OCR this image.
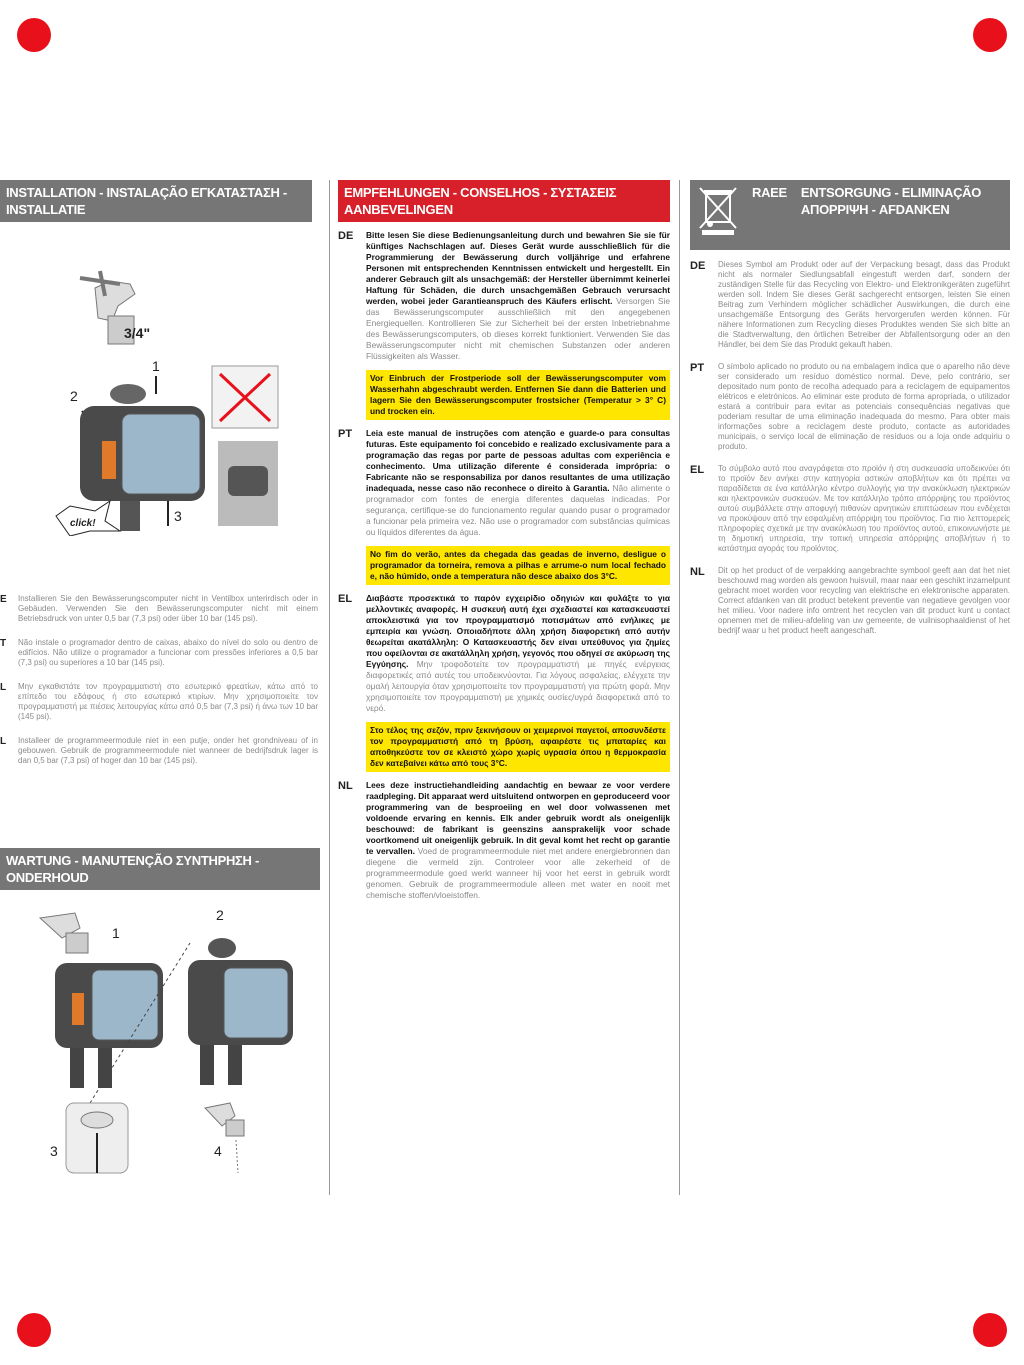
INSTALLATION - INSTALAÇÃO ΕΓΚΑΤΑΣΤΑΣΗ - INSTALLATIE
3/4"
1
2
click!	3
E	Installieren Sie den Bewässerungscomputer nicht in Ventilbox unterirdisch oder in Gebäuden. Verwenden Sie den Bewässerungscomputer nicht mit einem Betriebsdruck von unter 0,5 bar (7,3 psi) oder über 10 bar (145 psi).
T	Não instale o programador dentro de caixas, abaixo do nível do solo ou dentro de edifícios. Não utilize o programador a funcionar com pressões inferiores a 0,5 bar (7,3 psi) ou superiores a 10 bar (145 psi).
L	Μην εγκαθιστάτε τον προγραμματιστή στο εσωτερικό φρεατίων, κάτω από το επίπεδο του εδάφους ή στο εσωτερικό κτιρίων. Μην χρησιμοποιείτε τον προγραμματιστή με πιέσεις λειτουργίας κάτω από 0,5 bar (7,3 psi) ή άνω των 10 bar (145 psi).
L	Installeer de programmeermodule niet in een putje, onder het grondniveau of in gebouwen. Gebruik de programmeermodule niet wanneer de bedrijfsdruk lager is dan 0,5 bar (7,3 psi) of hoger dan 10 bar (145 psi).
WARTUNG - MANUTENÇÃO ΣΥΝΤΗΡΗΣΗ - ONDERHOUD
1
2
3	4
EMPFEHLUNGEN - CONSELHOS - ΣΥΣΤΑΣΕΙΣ AANBEVELINGEN
DE	Bitte lesen Sie diese Bedienungsanleitung durch und bewahren Sie sie für künftiges Nachschlagen auf. Dieses Gerät wurde ausschließlich für die Programmierung der Bewässerung durch volljährige und erfahrene Personen mit entsprechenden Kenntnissen entwickelt und hergestellt. Ein anderer Gebrauch gilt als unsachgemäß: der Hersteller übernimmt keinerlei Haftung für Schäden, die durch unsachgemäßen Gebrauch verursacht werden, wobei jeder Garantieanspruch des Käufers erlischt. Versorgen Sie das Bewässerungscomputer ausschließlich mit den angegebenen Energiequellen. Kontrollieren Sie zur Sicherheit bei der ersten Inbetriebnahme des Bewässerungscomputers, ob dieses korrekt funktioniert. Verwenden Sie das Bewässerungscomputer nicht mit chemischen Substanzen oder anderen Flüssigkeiten als Wasser.
Vor Einbruch der Frostperiode soll der Bewässerungscomputer vom Wasserhahn abgeschraubt werden. Entfernen Sie dann die Batterien und lagern Sie den Bewässerungscomputer frostsicher (Temperatur > 3° C) und trocken ein.
PT	Leia este manual de instruções com atenção e guarde-o para consultas futuras. Este equipamento foi concebido e realizado exclusivamente para a programação das regas por parte de pessoas adultas com experiência e conhecimento. Uma utilização diferente é considerada imprópria: o Fabricante não se responsabiliza por danos resultantes de uma utilização inadequada, nesse caso não reconhece o direito à Garantia. Não alimente o programador com fontes de energia diferentes daquelas indicadas. Por segurança, certifique-se do funcionamento regular quando pusar o programador a funcionar pela primeira vez. Não use o programador com substâncias químicas ou líquidos diferentes da água.
No fim do verão, antes da chegada das geadas de inverno, desligue o programador da torneira, remova a pilhas e arrume-o num local fechado e, não húmido, onde a temperatura não desce abaixo dos 3°C.
EL	Διαβάστε προσεκτικά το παρόν εγχειρίδιο οδηγιών και φυλάξτε το για μελλοντικές αναφορές. Η συσκευή αυτή έχει σχεδιαστεί και κατασκευαστεί αποκλειστικά για τον προγραμματισμό ποτισμάτων από ενήλικες με εμπειρία και γνώση. Οποιαδήποτε άλλη χρήση διαφορετική από αυτήν θεωρείται ακατάλληλη: Ο Κατασκευαστής δεν είναι υπεύθυνος για ζημίες που οφείλονται σε ακατάλληλη χρήση, γεγονός που οδηγεί σε ακύρωση της Εγγύησης. Μην τροφοδοτείτε τον προγραμματιστή με πηγές ενέργειας διαφορετικές από αυτές του υποδεικνύονται. Για λόγους ασφαλείας, ελέγχετε την ομαλή λειτουργία όταν χρησιμοποιείτε τον προγραμματιστή για πρώτη φορά. Μην χρησιμοποιείτε τον προγραμματιστή με χημικές ουσίες/υγρά διαφορετικά από το νερό.
Στο τέλος της σεζόν, πριν ξεκινήσουν οι χειμερινοί παγετοί, αποσυνδέστε τον προγραμματιστή από τη βρύση, αφαιρέστε τις μπαταρίες και αποθηκεύστε τον σε κλειστό χώρο χωρίς υγρασία όπου η θερμοκρασία δεν κατεβαίνει κάτω από τους 3°C.
NL	Lees deze instructiehandleiding aandachtig en bewaar ze voor verdere raadpleging. Dit apparaat werd uitsluitend ontworpen en geproduceerd voor programmering van de besproeiing en wel door volwassenen met voldoende ervaring en kennis. Elk ander gebruik wordt als oneigenlijk beschouwd: de fabrikant is geenszins aansprakelijk voor schade voortkomend uit oneigenlijk gebruik. In dit geval komt het recht op garantie te vervallen. Voed de programmeermodule niet met andere energiebronnen dan diegene die vermeld zijn. Controleer voor alle zekerheid of de programmeermodule goed werkt wanneer hij voor het eerst in gebruik wordt genomen. Gebruik de programmeermodule alleen met water en nooit met chemische stoffen/vloeistoffen.
RAEE ENTSORGUNG - ELIMINAÇÃO ΑΠΟΡΡΙΨΗ - AFDANKEN
DE	Dieses Symbol am Produkt oder auf der Verpackung besagt, dass das Produkt nicht als normaler Siedlungsabfall eingestuft werden darf, sondern der zuständigen Stelle für das Recycling von Elektro- und Elektronikgeräten zugeführt werden soll. Indem Sie dieses Gerät sachgerecht entsorgen, leisten Sie einen Beitrag zum Verhindern möglicher schädlicher Auswirkungen, die durch eine unsachgemäße Entsorgung des Geräts hervorgerufen werden können. Für nähere Informationen zum Recycling dieses Produktes wenden Sie sich bitte an die Stadtverwaltung, den örtlichen Betreiber der Abfallentsorgung oder an den Händler, bei dem Sie das Produkt gekauft haben.
PT	O símbolo aplicado no produto ou na embalagem indica que o aparelho não deve ser considerado um resíduo doméstico normal. Deve, pelo contrário, ser depositado num ponto de recolha adequado para a reciclagem de equipamentos elétricos e eletrónicos. Ao eliminar este produto de forma apropriada, o utilizador estará a contribuir para evitar as potenciais consequências negativas que poderiam resultar de uma eliminação inadequada do mesmo. Para obter mais informações sobre a reciclagem deste produto, contacte as autoridades municipais, o serviço local de eliminação de resíduos ou a loja onde adquiriu o produto.
EL	Το σύμβολο αυτό που αναγράφεται στο προϊόν ή στη συσκευασία υποδεικνύει ότι το προϊόν δεν ανήκει στην κατηγορία αστικών αποβλήτων και ότι πρέπει να παραδίδεται σε ένα κατάλληλο κέντρο συλλογής για την ανακύκλωση ηλεκτρικών και ηλεκτρονικών συσκευών. Με τον κατάλληλο τρόπο απόρριψης του προϊόντος αυτού συμβάλλετε στην αποφυγή πιθανών αρνητικών επιπτώσεων που ενδέχεται να προκύψουν από την εσφαλμένη απόρριψη του προϊόντος. Για πιο λεπτομερείς πληροφορίες σχετικά με την ανακύκλωση του προϊόντος αυτού, επικοινωνήστε με τη δημοτική υπηρεσία, την τοπική υπηρεσία απόρριψης αποβλήτων ή το κατάστημα αγοράς του προϊόντος.
NL	Dit op het product of de verpakking aangebrachte symbool geeft aan dat het niet beschouwd mag worden als gewoon huisvuil, maar naar een geschikt inzamelpunt gebracht moet worden voor recycling van elektrische en elektronische apparaten. Correct afdanken van dit product betekent preventie van negatieve gevolgen voor het milieu. Voor nadere info omtrent het recyclen van dit product kunt u contact opnemen met de milieu-afdeling van uw gemeente, de vuilnisophaaldienst of het bedrijf waar u het product heeft aangeschaft.
